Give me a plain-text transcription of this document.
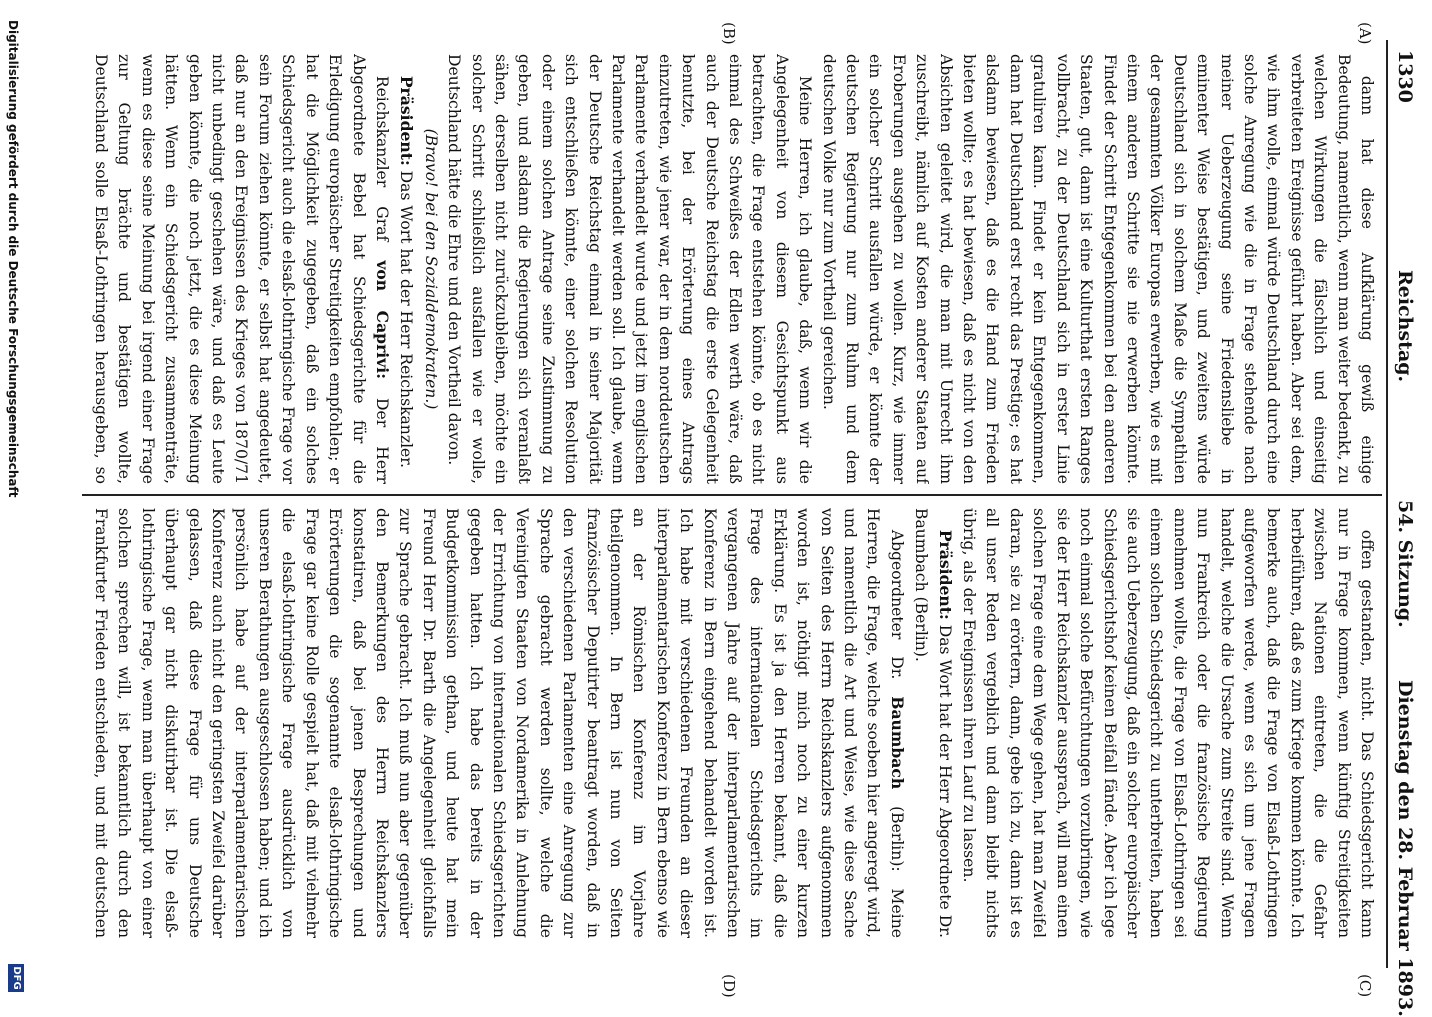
1330
Reichstag.
54. Sitzung.
Dienstag den 28. Februar 1893.
(A)
(B)
(C)
(D)

dann hat diese Aufklärung gewiß einige Bedeutung, namentlich, wenn man weiter bedenkt, zu welchen Wirkungen die fälschlich und einseitig verbreiteten Ereignisse geführt haben. Aber sei dem, wie ihm wolle, einmal würde Deutschland durch eine solche Anregung wie die in Frage stehende nach meiner Ueberzeugung seine Friedensliebe in eminenter Weise bestätigen, und zweitens würde Deutschland sich in solchem Maße die Sympathien der gesammten Völker Europas erwerben, wie es mit einem anderen Schritte sie nie erwerben könnte. Findet der Schritt Entgegenkommen bei den anderen Staaten, gut, dann ist eine Kulturthat ersten Ranges vollbracht, zu der Deutschland sich in erster Linie gratuliren kann. Findet er kein Entgegenkommen, dann hat Deutschland erst recht das Prestige; es hat alsdann bewiesen, daß es die Hand zum Frieden bieten wollte; es hat bewiesen, daß es nicht von den Absichten geleitet wird, die man mit Unrecht ihm zuschreibt, nämlich auf Kosten anderer Staaten auf Eroberungen ausgehen zu wollen. Kurz, wie immer ein solcher Schritt ausfallen würde, er könnte der deutschen Regierung nur zum Ruhm und dem deutschen Volke nur zum Vortheil gereichen.

Meine Herren, ich glaube, daß, wenn wir die Angelegenheit von diesem Gesichtspunkt aus betrachten, die Frage entstehen könnte, ob es nicht einmal des Schweißes der Edlen werth wäre, daß auch der Deutsche Reichstag die erste Gelegenheit benutzte, bei der Erörterung eines Antrags einzutreten, wie jener war, der in dem norddeutschen Parlamente verhandelt wurde und jetzt im englischen Parlamente verhandelt werden soll. Ich glaube, wenn der Deutsche Reichstag einmal in seiner Majorität sich entschließen könnte, einer solchen Resolution oder einem solchen Antrage seine Zustimmung zu geben, und alsdann die Regierungen sich veranlaßt sähen, derselben nicht zurückzubleiben, möchte ein solcher Schritt schließlich ausfallen wie er wolle, Deutschland hätte die Ehre und den Vortheil davon.

(Bravo! bei den Sozialdemokraten.)

Präsident: Das Wort hat der Herr Reichskanzler.

Reichskanzler Graf von Caprivi: Der Herr Abgeordnete Bebel hat Schiedsgerichte für die Erledigung europäischer Streitigkeiten empfohlen; er hat die Möglichkeit zugegeben, daß ein solches Schiedsgericht auch die elsaß-lothringische Frage vor sein Forum ziehen könnte, er selbst hat angedeutet, daß nur an den Ereignissen des Krieges von 1870/71 nicht unbedingt geschehen wäre, und daß es Leute geben könnte, die noch jetzt, die es diese Meinung hätten. Wenn ein Schiedsgericht zusammenträte, wenn es diese seine Meinung bei irgend einer Frage zur Geltung brächte und bestätigen wollte, Deutschland solle Elsaß-Lothringen herausgeben, so

offen gestanden, nicht. Das Schiedsgericht kann nur in Frage kommen, wenn künftig Streitigkeiten zwischen Nationen eintreten, die die Gefahr herbeiführen, daß es zum Kriege kommen könnte. Ich bemerke auch, daß die Frage von Elsaß-Lothringen aufgeworfen werde, wenn es sich um jene Fragen handelt, welche die Ursache zum Streite sind. Wenn nun Frankreich oder die französische Regierung annehmen wollte, die Frage von Elsaß-Lothringen sei einem solchen Schiedsgericht zu unterbreiten, haben sie auch Ueberzeugung, daß ein solcher europäischer Schiedsgerichtshof keinen Beifall fände. Aber ich lege noch einmal solche Befürchtungen vorzubringen, wie sie der Herr Reichskanzler aussprach, will man einen solchen Frage eine dem Wege gehen, hat man Zweifel daran, sie zu erörtern, dann, gebe ich zu, dann ist es all unser Reden vergeblich und dann bleibt nichts übrig, als der Ereignissen ihren Lauf zu lassen.

Präsident: Das Wort hat der Herr Abgeordnete Dr. Baumbach (Berlin).

Abgeordneter Dr. Baumbach (Berlin): Meine Herren, die Frage, welche soeben hier angeregt wird, und namentlich die Art und Weise, wie diese Sache von Seiten des Herrn Reichskanzlers aufgenommen worden ist, nöthigt mich noch zu einer kurzen Erklärung. Es ist ja den Herren bekannt, daß die Frage des internationalen Schiedsgerichts im vergangenen Jahre auf der interparlamentarischen Konferenz in Bern eingehend behandelt worden ist. Ich habe mit verschiedenen Freunden an dieser interparlamentarischen Konferenz in Bern ebenso wie an der Römischen Konferenz im Vorjahre theilgenommen. In Bern ist nun von Seiten französischer Deputirter beantragt worden, daß in den verschiedenen Parlamenten eine Anregung zur Sprache gebracht werden sollte, welche die Vereinigten Staaten von Nordamerika in Anlehnung der Errichtung von internationalen Schiedsgerichten gegeben hatten. Ich habe das bereits in der Budgetkommission gethan, und heute hat mein Freund Herr Dr. Barth die Angelegenheit gleichfalls zur Sprache gebracht. Ich muß nun aber gegenüber den Bemerkungen des Herrn Reichskanzlers konstatiren, daß bei jenen Besprechungen und Erörterungen die sogenannte elsaß-lothringische Frage gar keine Rolle gespielt hat, daß mit vielmehr die elsaß-lothringische Frage ausdrücklich von unseren Berathungen ausgeschlossen haben; und ich persönlich habe auf der interparlamentarischen Konferenz auch nicht den geringsten Zweifel darüber gelassen, daß diese Frage für uns Deutsche überhaupt gar nicht diskutirbar ist. Die elsaß-lothringische Frage, wenn man überhaupt von einer solchen sprechen will, ist bekanntlich durch den Frankfurter Frieden entschieden, und mit deutschen

Digitalisierung gefördert durch die Deutsche Forschungsgemeinschaft
DFG
